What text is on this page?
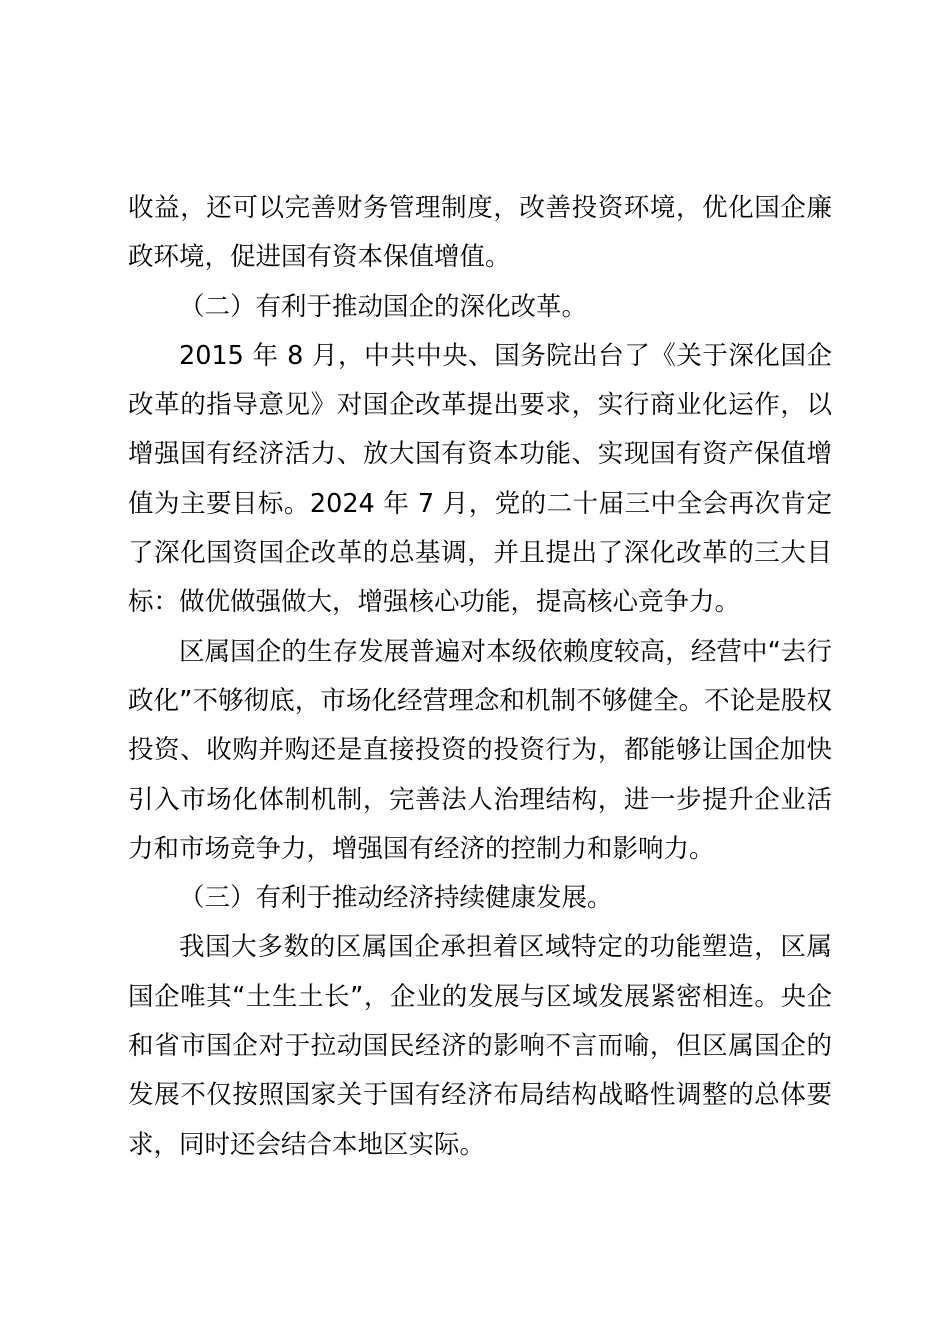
收益，还可以完善财务管理制度，改善投资环境，优化国企廉政环境，促进国有资本保值增值。

（二）有利于推动国企的深化改革。

2015 年 8 月，中共中央、国务院出台了《关于深化国企改革的指导意见》对国企改革提出要求，实行商业化运作，以增强国有经济活力、放大国有资本功能、实现国有资产保值增值为主要目标。2024 年 7 月，党的二十届三中全会再次肯定了深化国资国企改革的总基调，并且提出了深化改革的三大目标：做优做强做大，增强核心功能，提高核心竞争力。

区属国企的生存发展普遍对本级依赖度较高，经营中“去行政化”不够彻底，市场化经营理念和机制不够健全。不论是股权投资、收购并购还是直接投资的投资行为，都能够让国企加快引入市场化体制机制，完善法人治理结构，进一步提升企业活力和市场竞争力，增强国有经济的控制力和影响力。

（三）有利于推动经济持续健康发展。

我国大多数的区属国企承担着区域特定的功能塑造，区属国企唯其“土生土长”，企业的发展与区域发展紧密相连。央企和省市国企对于拉动国民经济的影响不言而喻，但区属国企的发展不仅按照国家关于国有经济布局结构战略性调整的总体要求，同时还会结合本地区实际。
